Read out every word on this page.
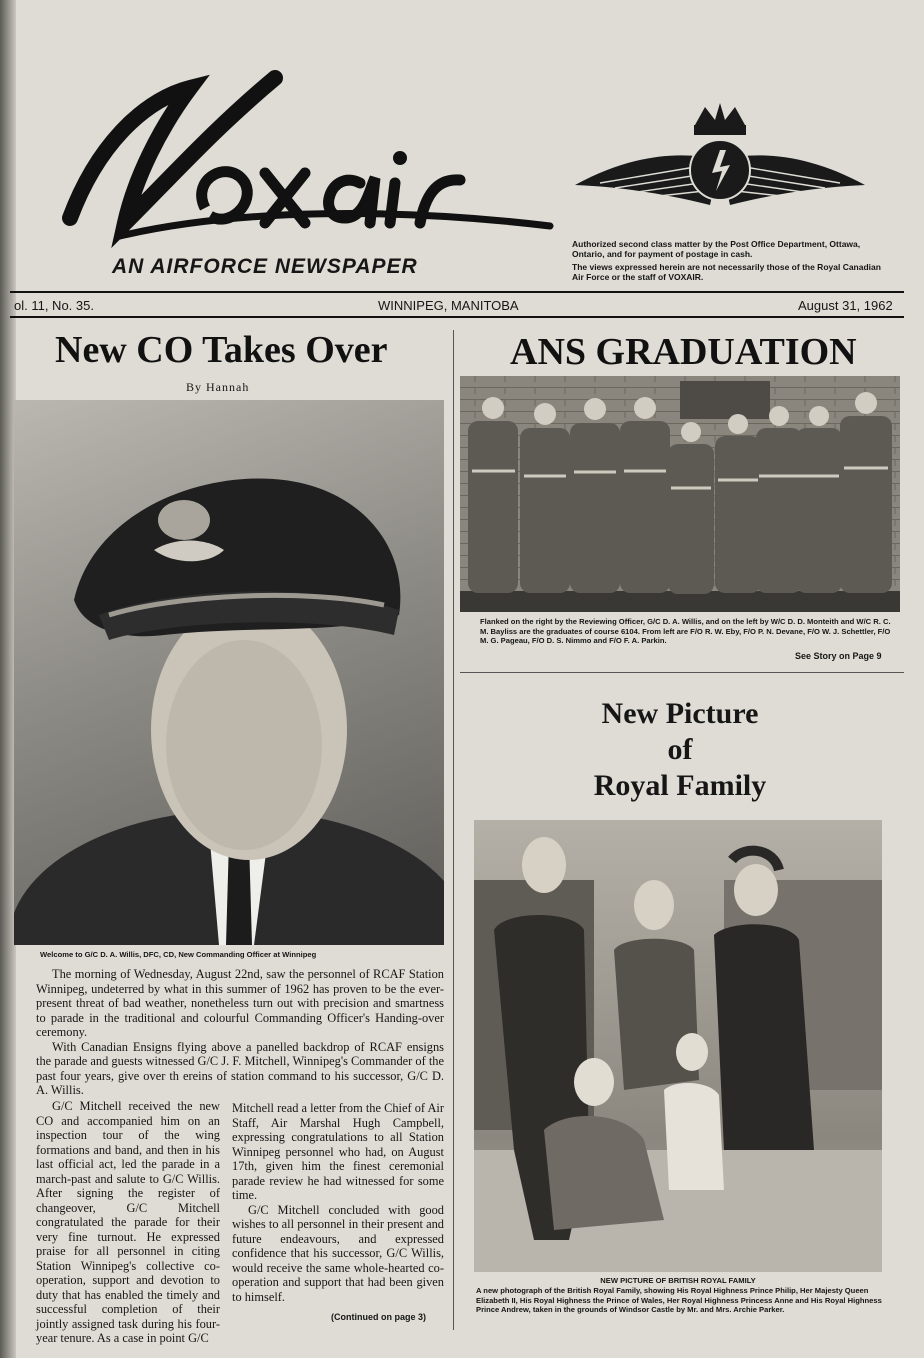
AN AIRFORCE NEWSPAPER

Authorized second class matter by the Post Office Department, Ottawa, Ontario, and for payment of postage in cash.

The views expressed herein are not necessarily those of the Royal Canadian Air Force or the staff of VOXAIR.

ol. 11, No. 35.	WINNIPEG, MANITOBA	August 31, 1962
New CO Takes Over
By Hannah
Welcome to G/C D. A. Willis, DFC, CD, New Commanding Officer at Winnipeg

The morning of Wednesday, August 22nd, saw the personnel of RCAF Station Winnipeg, undeterred by what in this summer of 1962 has proven to be the ever-present threat of bad weather, nonetheless turn out with precision and smartness to parade in the traditional and colourful Commanding Officer's Handing-over ceremony.

With Canadian Ensigns flying above a panelled backdrop of RCAF ensigns the parade and guests witnessed G/C J. F. Mitchell, Winnipeg's Commander of the past four years, give over th ereins of station command to his successor, G/C D. A. Willis.

G/C Mitchell received the new CO and accompanied him on an inspection tour of the wing formations and band, and then in his last official act, led the parade in a march-past and salute to G/C Willis. After signing the register of changeover, G/C Mitchell congratulated the parade for their very fine turnout. He expressed praise for all personnel in citing Station Winnipeg's collective co-operation, support and devotion to duty that has enabled the timely and successful completion of their jointly assigned task during his four-year tenure. As a case in point G/C

Mitchell read a letter from the Chief of Air Staff, Air Marshal Hugh Campbell, expressing congratulations to all Station Winnipeg personnel who had, on August 17th, given him the finest ceremonial parade review he had witnessed for some time.

G/C Mitchell concluded with good wishes to all personnel in their present and future endeavours, and expressed confidence that his successor, G/C Willis, would receive the same whole-hearted co-operation and support that had been given to himself.

(Continued on page 3)
ANS GRADUATION
Flanked on the right by the Reviewing Officer, G/C D. A. Willis, and on the left by W/C D. D. Monteith and W/C R. C. M. Bayliss are the graduates of course 6104. From left are F/O R. W. Eby, F/O P. N. Devane, F/O W. J. Schettler, F/O M. G. Pageau, F/O D. S. Nimmo and F/O F. A. Parkin.
See Story on Page 9
New Picture
of
Royal Family
NEW PICTURE OF BRITISH ROYAL FAMILY
A new photograph of the British Royal Family, showing His Royal Highness Prince Philip, Her Majesty Queen Elizabeth II, His Royal Highness the Prince of Wales, Her Royal Highness Princess Anne and His Royal Highness Prince Andrew, taken in the grounds of Windsor Castle by Mr. and Mrs. Archie Parker.
